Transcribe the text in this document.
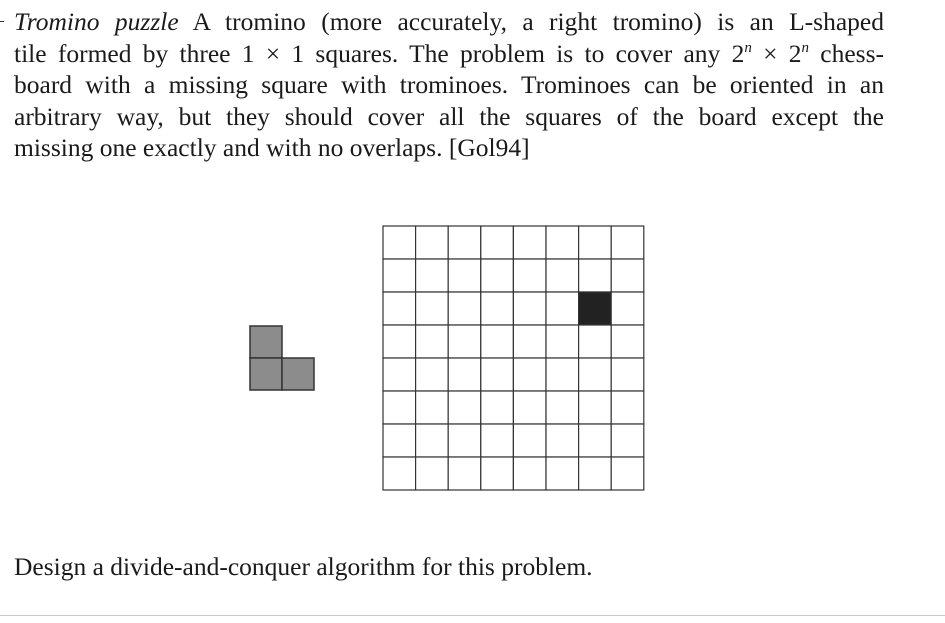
Tromino puzzle A tromino (more accurately, a right tromino) is an L-shaped
tile formed by three 1 × 1 squares. The problem is to cover any $2^n \times 2^n$ chess-
board with a missing square with trominoes. Trominoes can be oriented in an
arbitrary way, but they should cover all the squares of the board except the
missing one exactly and with no overlaps. [Gol94]
Design a divide-and-conquer algorithm for this problem.
